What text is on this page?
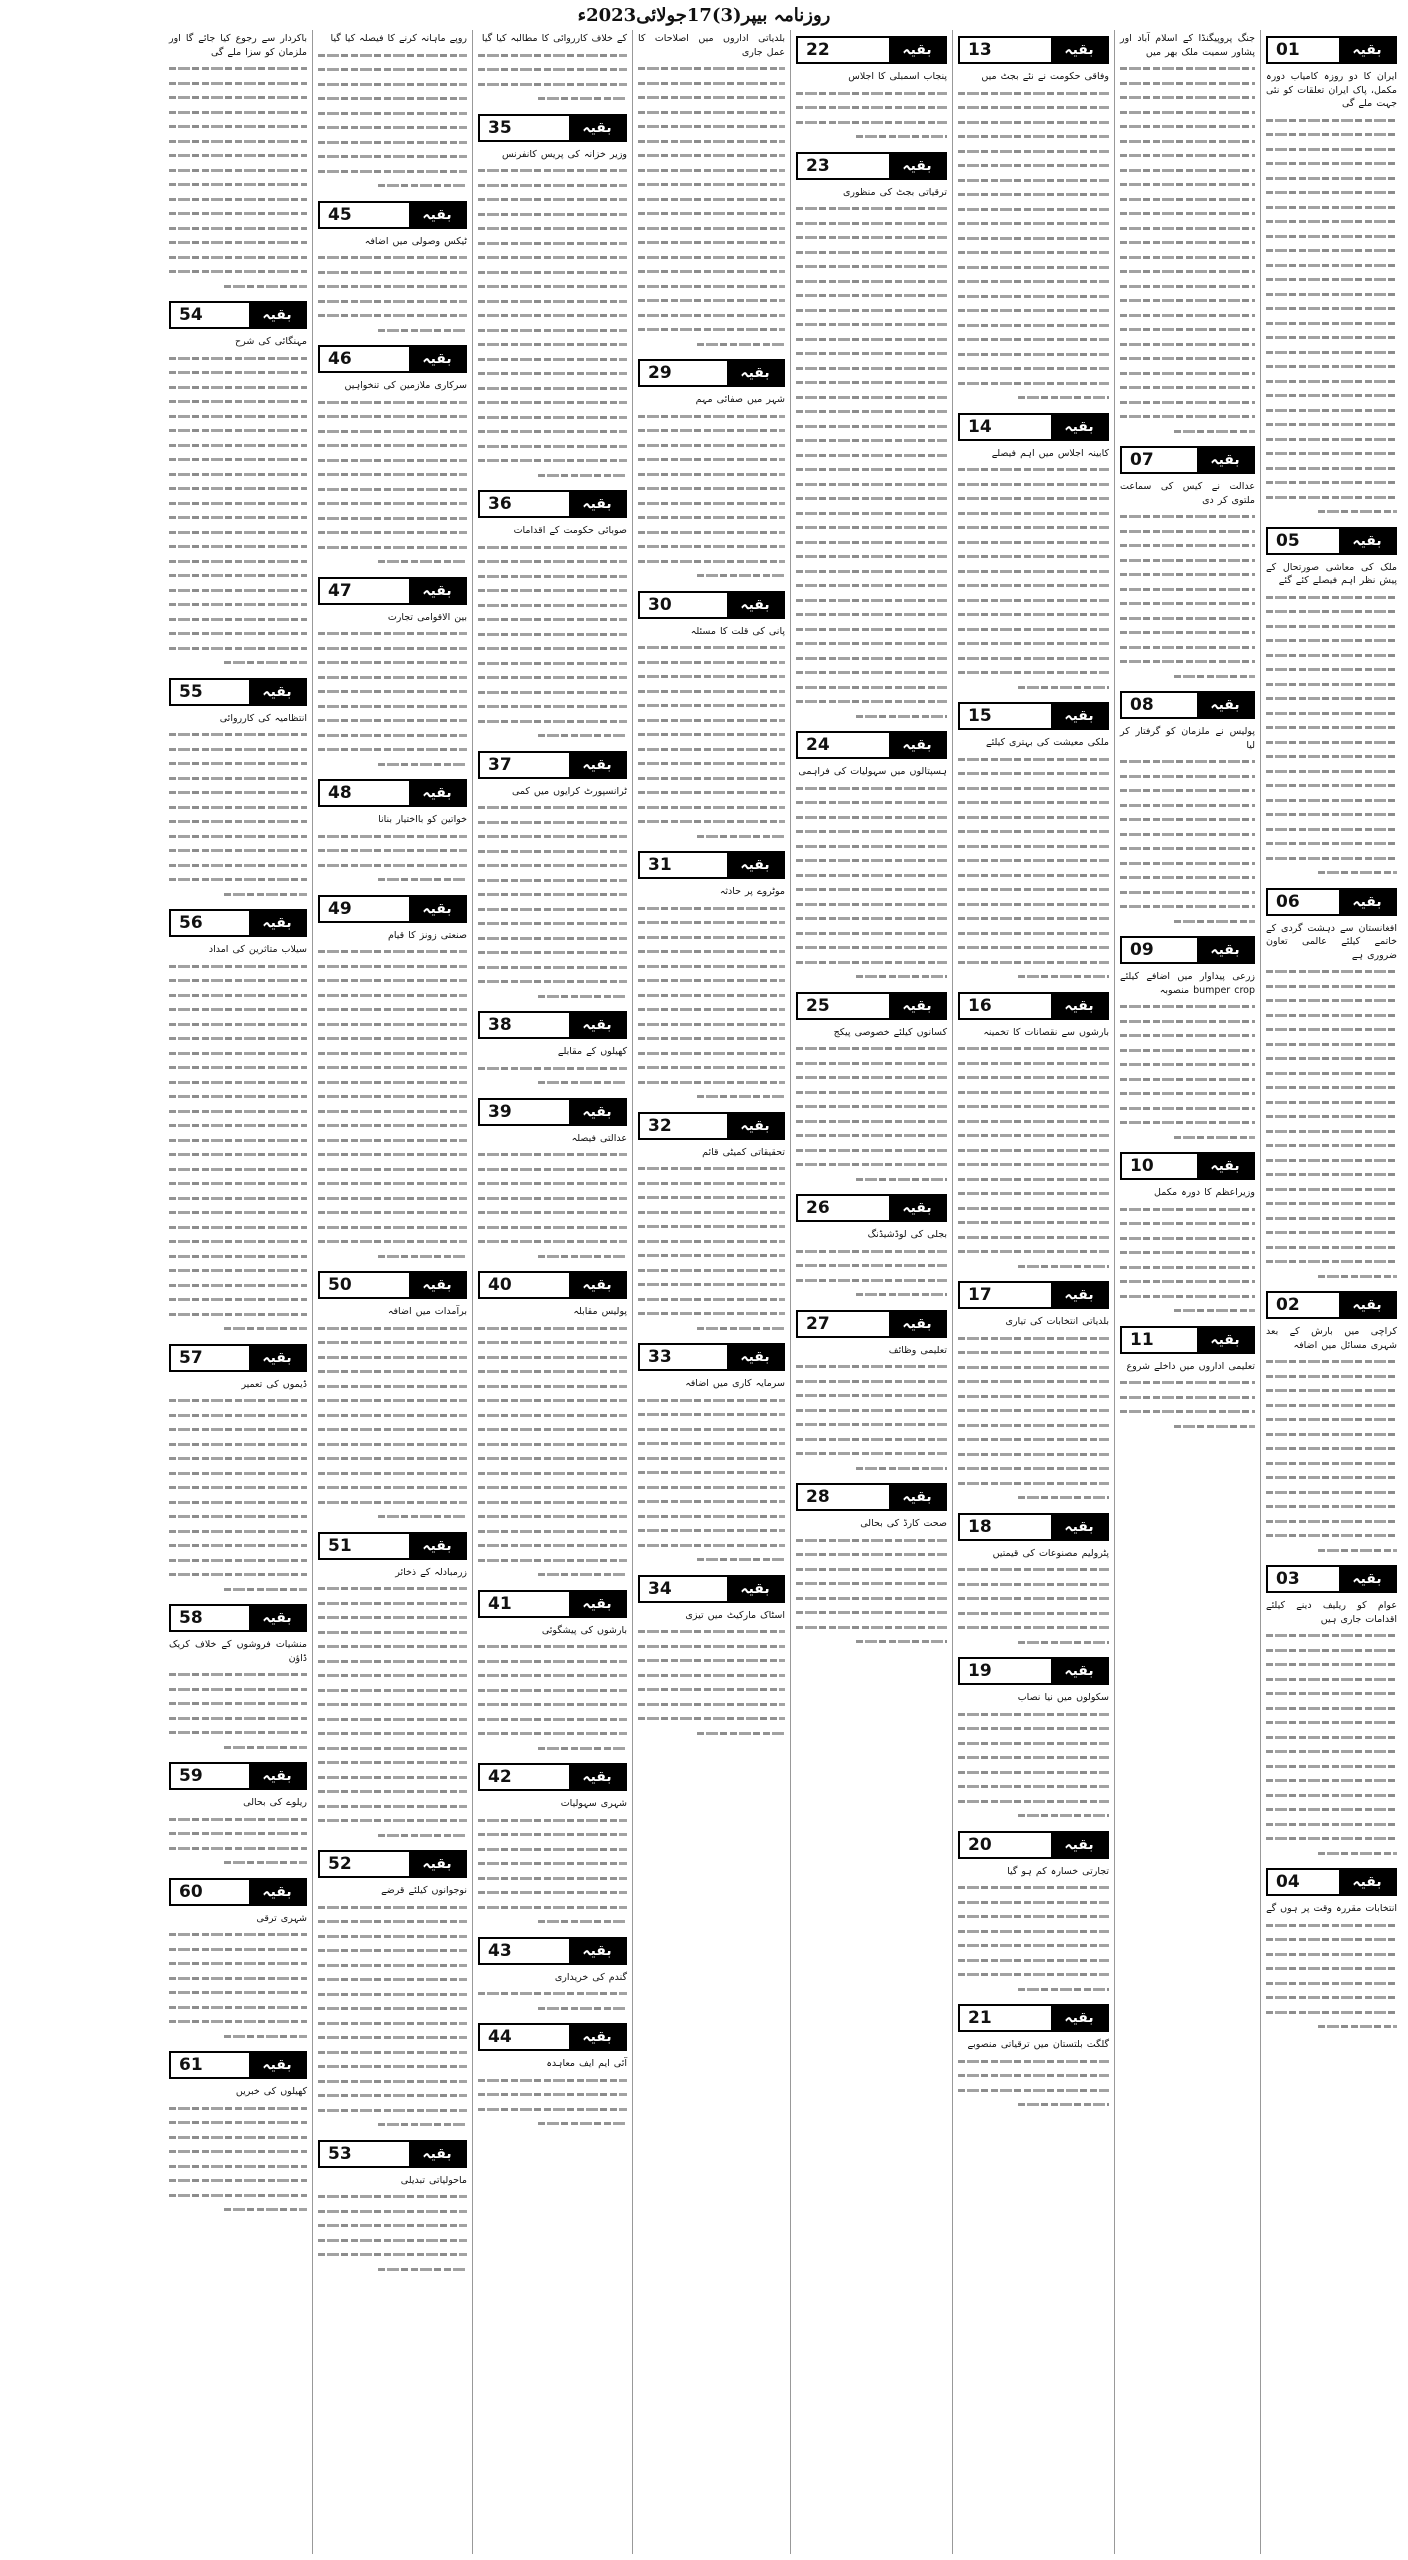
روزنامہ بیپر(3)17جولائی2023ء
بقیہ
01
ایران کا دو روزہ کامیاب دورہ مکمل، پاک ایران تعلقات کو نئی جہت ملے گی
بقیہ
05
ملک کی معاشی صورتحال کے پیش نظر اہم فیصلے کئے گئے
بقیہ
06
افغانستان سے دہشت گردی کے خاتمے کیلئے عالمی تعاون ضروری ہے
بقیہ
02
کراچی میں بارش کے بعد شہری مسائل میں اضافہ
بقیہ
03
عوام کو ریلیف دینے کیلئے اقدامات جاری ہیں
بقیہ
04
انتخابات مقررہ وقت پر ہوں گے
جنگ پروپیگنڈا کے اسلام آباد اور پشاور سمیت ملک بھر میں
بقیہ
07
عدالت نے کیس کی سماعت ملتوی کر دی
بقیہ
08
پولیس نے ملزمان کو گرفتار کر لیا
بقیہ
09
زرعی پیداوار میں اضافے کیلئے bumper crop منصوبہ
بقیہ
10
وزیراعظم کا دورہ مکمل
بقیہ
11
تعلیمی اداروں میں داخلے شروع
بقیہ
13
وفاقی حکومت نے نئے بجٹ میں
بقیہ
14
کابینہ اجلاس میں اہم فیصلے
بقیہ
15
ملکی معیشت کی بہتری کیلئے
بقیہ
16
بارشوں سے نقصانات کا تخمینہ
بقیہ
17
بلدیاتی انتخابات کی تیاری
بقیہ
18
پٹرولیم مصنوعات کی قیمتیں
بقیہ
19
سکولوں میں نیا نصاب
بقیہ
20
تجارتی خسارہ کم ہو گیا
بقیہ
21
گلگت بلتستان میں ترقیاتی منصوبے
بقیہ
22
پنجاب اسمبلی کا اجلاس
بقیہ
23
ترقیاتی بجٹ کی منظوری
بقیہ
24
ہسپتالوں میں سہولیات کی فراہمی
بقیہ
25
کسانوں کیلئے خصوصی پیکج
بقیہ
26
بجلی کی لوڈشیڈنگ
بقیہ
27
تعلیمی وظائف
بقیہ
28
صحت کارڈ کی بحالی
بلدیاتی اداروں میں اصلاحات کا عمل جاری
بقیہ
29
شہر میں صفائی مہم
بقیہ
30
پانی کی قلت کا مسئلہ
بقیہ
31
موٹروے پر حادثہ
بقیہ
32
تحقیقاتی کمیٹی قائم
بقیہ
33
سرمایہ کاری میں اضافہ
بقیہ
34
اسٹاک مارکیٹ میں تیزی
کے خلاف کارروائی کا مطالبہ کیا گیا
بقیہ
35
وزیر خزانہ کی پریس کانفرنس
بقیہ
36
صوبائی حکومت کے اقدامات
بقیہ
37
ٹرانسپورٹ کرایوں میں کمی
بقیہ
38
کھیلوں کے مقابلے
بقیہ
39
عدالتی فیصلہ
بقیہ
40
پولیس مقابلہ
بقیہ
41
بارشوں کی پیشگوئی
بقیہ
42
شہری سہولیات
بقیہ
43
گندم کی خریداری
بقیہ
44
آئی ایم ایف معاہدہ
روپے ماہانہ کرنے کا فیصلہ کیا گیا
بقیہ
45
ٹیکس وصولی میں اضافہ
بقیہ
46
سرکاری ملازمین کی تنخواہیں
بقیہ
47
بین الاقوامی تجارت
بقیہ
48
خواتین کو بااختیار بنانا
بقیہ
49
صنعتی زونز کا قیام
بقیہ
50
برآمدات میں اضافہ
بقیہ
51
زرمبادلہ کے ذخائر
بقیہ
52
نوجوانوں کیلئے قرضے
بقیہ
53
ماحولیاتی تبدیلی
باکردار سے رجوع کیا جائے گا اور ملزمان کو سزا ملے گی
بقیہ
54
مہنگائی کی شرح
بقیہ
55
انتظامیہ کی کارروائی
بقیہ
56
سیلاب متاثرین کی امداد
بقیہ
57
ڈیموں کی تعمیر
بقیہ
58
منشیات فروشوں کے خلاف کریک ڈاؤن
بقیہ
59
ریلوے کی بحالی
بقیہ
60
شہری ترقی
بقیہ
61
کھیلوں کی خبریں
